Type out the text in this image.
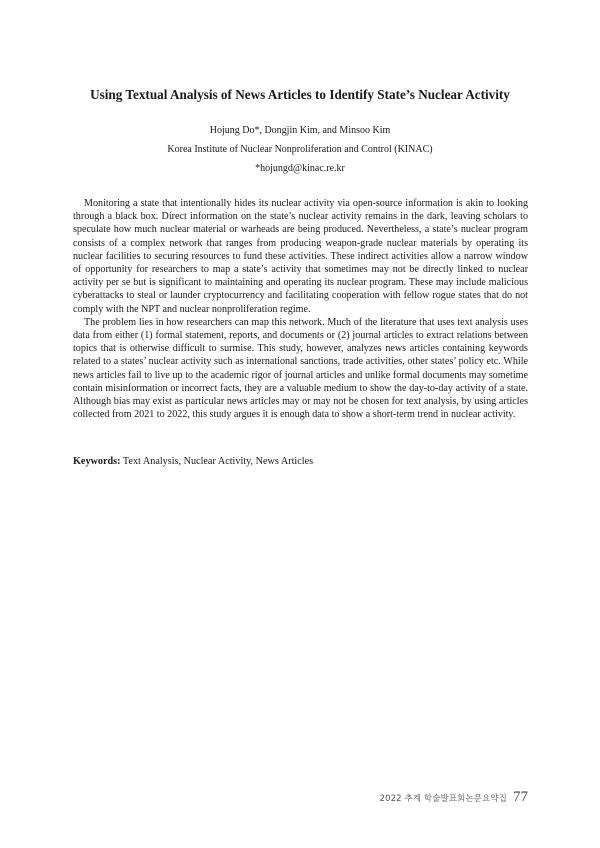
Using Textual Analysis of News Articles to Identify State’s Nuclear Activity

Hojung Do*, Dongjin Kim, and Minsoo Kim

Korea Institute of Nuclear Nonproliferation and Control (KINAC)

*hojungd@kinac.re.kr

Monitoring a state that intentionally hides its nuclear activity via open-source information is akin to looking through a black box. Direct information on the state’s nuclear activity remains in the dark, leaving scholars to speculate how much nuclear material or warheads are being produced. Nevertheless, a state’s nuclear program consists of a complex network that ranges from producing weapon-grade nuclear materials by operating its nuclear facilities to securing resources to fund these activities. These indirect activities allow a narrow window of opportunity for researchers to map a state’s activity that sometimes may not be directly linked to nuclear activity per se but is significant to maintaining and operating its nuclear program. These may include malicious cyberattacks to steal or launder cryptocurrency and facilitating cooperation with fellow rogue states that do not comply with the NPT and nuclear nonproliferation regime.

The problem lies in how researchers can map this network. Much of the literature that uses text analysis uses data from either (1) formal statement, reports, and documents or (2) journal articles to extract relations between topics that is otherwise difficult to surmise. This study, however, analyzes news articles containing keywords related to a states’ nuclear activity such as international sanctions, trade activities, other states’ policy etc. While news articles fail to live up to the academic rigor of journal articles and unlike formal documents may sometime contain misinformation or incorrect facts, they are a valuable medium to show the day-to-day activity of a state. Although bias may exist as particular news articles may or may not be chosen for text analysis, by using articles collected from 2021 to 2022, this study argues it is enough data to show a short-term trend in nuclear activity.

Keywords: Text Analysis, Nuclear Activity, News Articles

2022 추계 학술발표회논문요약집 77
